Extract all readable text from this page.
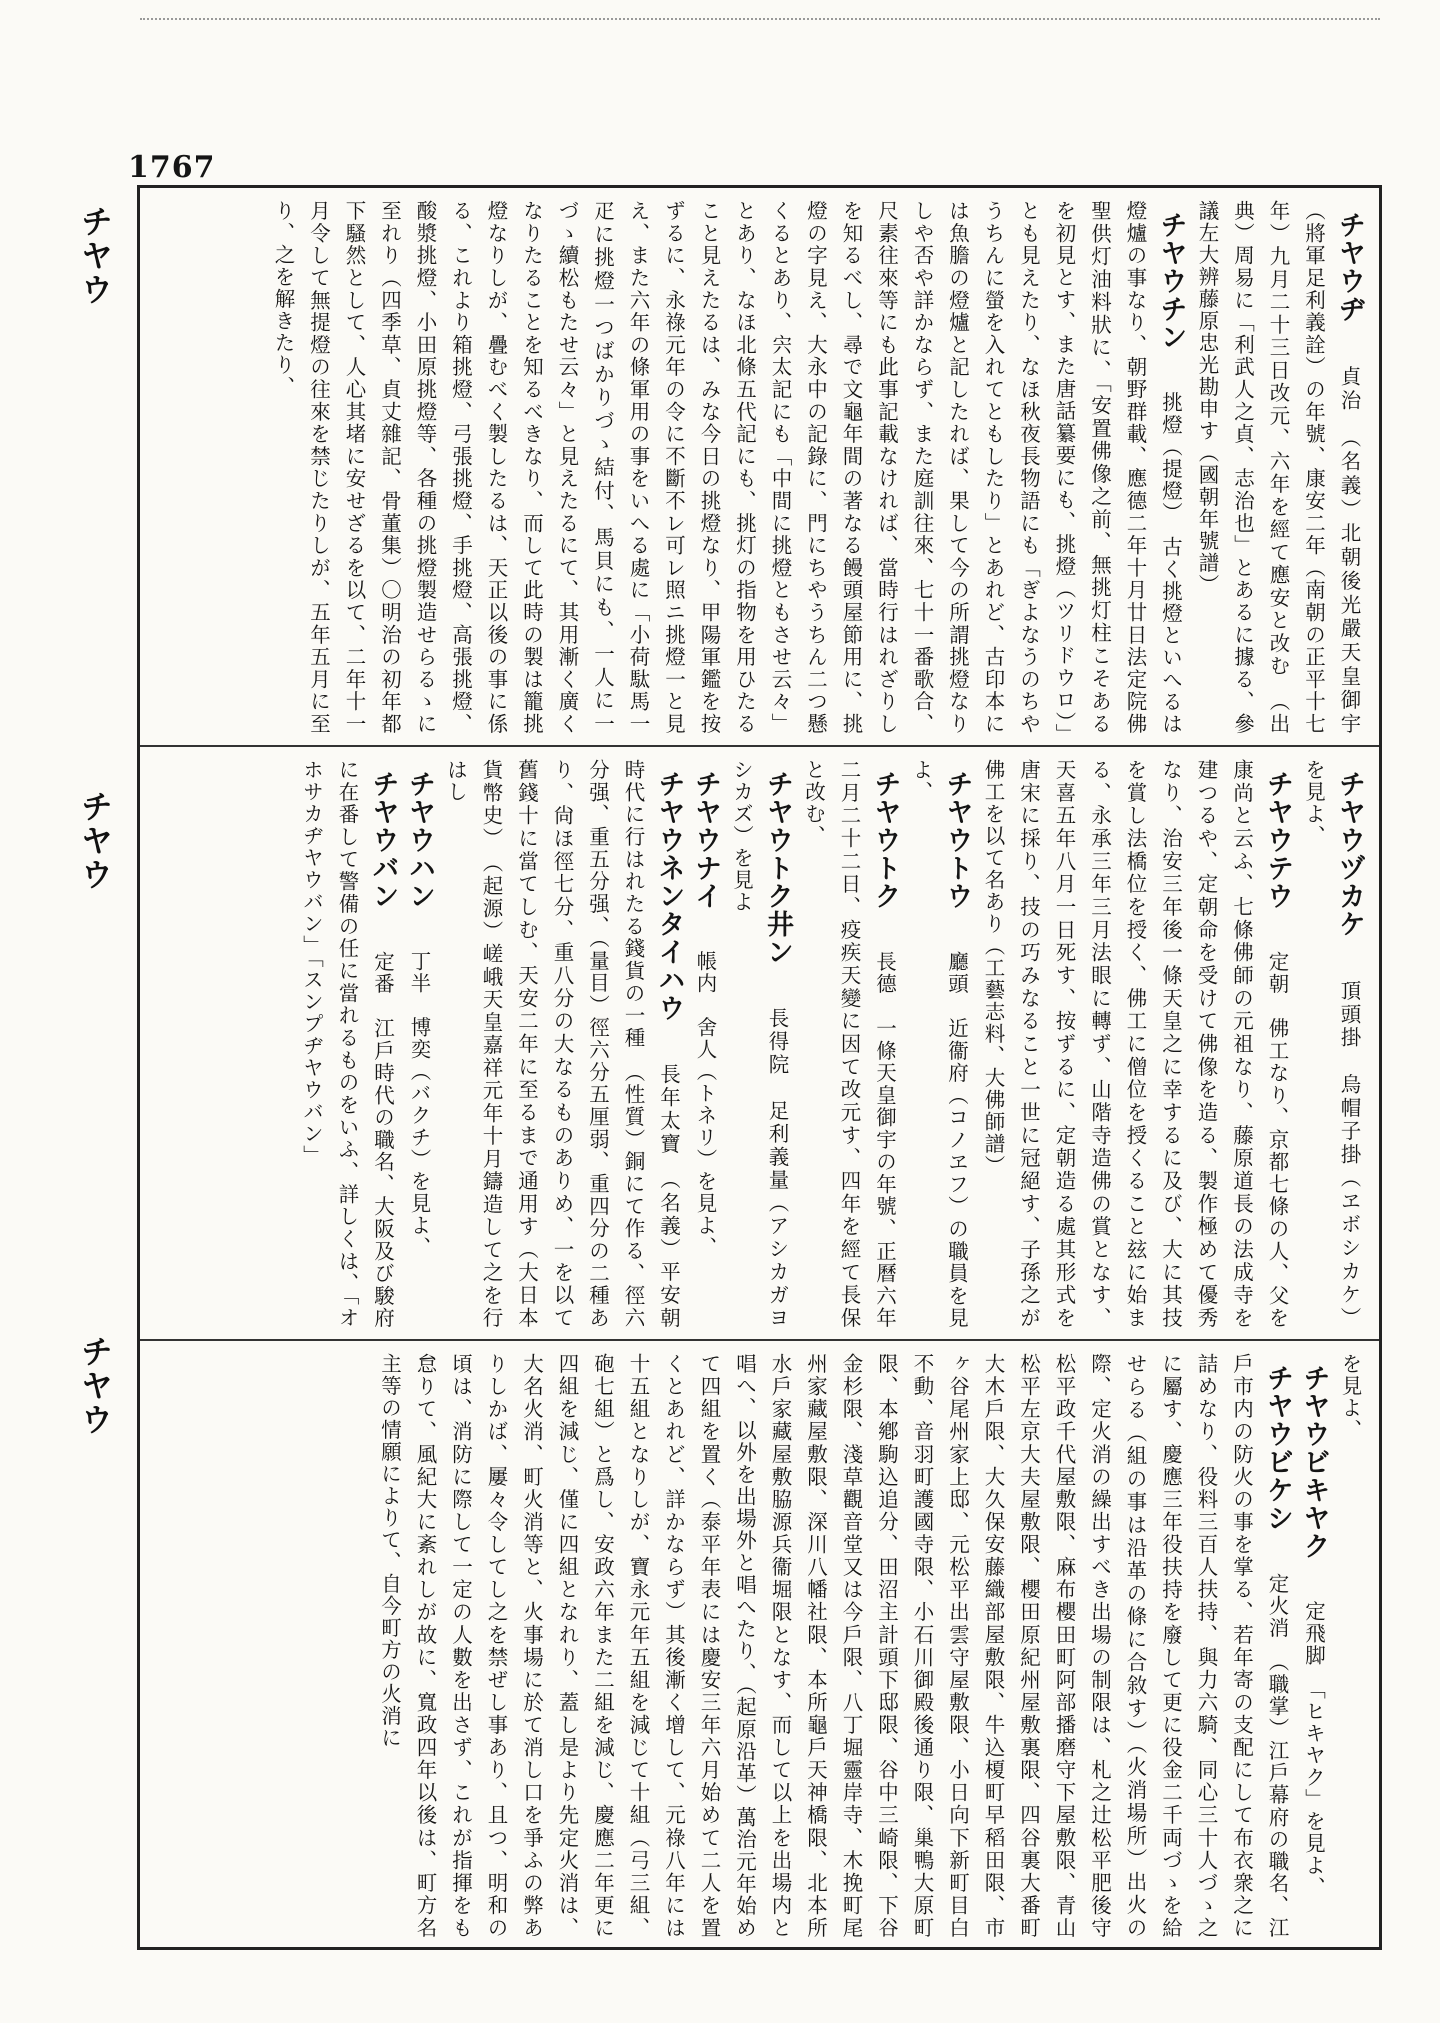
1767
チヤウ
チヤウ
チヤウ

チヤウヂ貞治　（名義）北朝後光嚴天皇御宇（將軍足利義詮）の年號、康安二年（南朝の正平十七年）九月二十三日改元、六年を經て應安と改む　（出典）周易に「利武人之貞、志治也」とあるに據る、參議左大辨藤原忠光勘申す（國朝年號譜）

チヤウチン挑燈（提燈）　古く挑燈といへるは燈爐の事なり、朝野群載、應德二年十月廿日法定院佛聖供灯油料狀に、「安置佛像之前、無挑灯柱こそあるを初見とす、また唐話纂要にも、挑燈（ツリドウロ）」とも見えたり、なほ秋夜長物語にも「ぎよなうのちやうちんに螢を入れてともしたり」とあれど、古印本には魚膽の燈爐と記したれば、果して今の所謂挑燈なりしや否や詳かならず、また庭訓往來、七十一番歌合、尺素往來等にも此事記載なければ、當時行はれざりしを知るべし、尋で文龜年間の著なる饅頭屋節用に、挑燈の字見え、大永中の記錄に、門にちやうちん二つ懸くるとあり、宍太記にも「中間に挑燈ともさせ云々」とあり、なほ北條五代記にも、挑灯の指物を用ひたること見えたるは、みな今日の挑燈なり、甲陽軍鑑を按ずるに、永祿元年の令に不斷不レ可レ照ニ挑燈一と見え、また六年の條軍用の事をいへる處に「小荷駄馬一疋に挑燈一つばかりづゝ結付、馬貝にも、一人に一づゝ續松もたせ云々」と見えたるにて、其用漸く廣くなりたることを知るべきなり、而して此時の製は籠挑燈なりしが、疊むべく製したるは、天正以後の事に係る、これより箱挑燈、弓張挑燈、手挑燈、高張挑燈、酸漿挑燈、小田原挑燈等、各種の挑燈製造せらるゝに至れり（四季草、貞丈雜記、骨董集）〇明治の初年都下騷然として、人心其堵に安せざるを以て、二年十一月令して無提燈の往來を禁じたりしが、五年五月に至り、之を解きたり、

チヤウヅカケ頂頭掛　烏帽子掛（ヱボシカケ）を見よ、

チヤウテウ定朝　佛工なり、京都七條の人、父を康尚と云ふ、七條佛師の元祖なり、藤原道長の法成寺を建つるや、定朝命を受けて佛像を造る、製作極めて優秀なり、治安三年後一條天皇之に幸するに及び、大に其技を賞し法橋位を授く、佛工に僧位を授くること玆に始まる、永承三年三月法眼に轉ず、山階寺造佛の賞となす、天喜五年八月一日死す、按ずるに、定朝造る處其形式を唐宋に採り、技の巧みなること一世に冠絕す、子孫之が佛工を以て名あり（工藝志料、大佛師譜）

チヤウトウ廳頭　近衞府（コノヱフ）の職員を見よ、

チヤウトク長德　一條天皇御宇の年號、正曆六年二月二十二日、疫疾天變に因て改元す、四年を經て長保と改む、

チヤウトク井ン長得院　足利義量（アシカガヨシカズ）を見よ

チヤウナイ帳内　舍人（トネリ）を見よ、

チヤウネンタイハウ長年太寶　（名義）平安朝時代に行はれたる錢貨の一種　（性質）銅にて作る、徑六分强、重五分强、（量目）徑六分五厘弱、重四分の二種あり、尙ほ徑七分、重八分の大なるものありめ、一を以て舊錢十に當てしむ、天安二年に至るまで通用す（大日本貨幣史）　（起源）嵯峨天皇嘉祥元年十月鑄造して之を行はし

チヤウハン丁半　博奕（バクチ）を見よ、

チヤウバン定番　江戶時代の職名、大阪及び駿府に在番して警備の任に當れるものをいふ、詳しくは、「オホサカヂヤウバン」「スンプヂヤウバン」

を見よ、

チヤウビキヤク定飛脚　「ヒキヤク」を見よ、

チヤウビケシ定火消　（職掌）江戶幕府の職名、江戶市内の防火の事を掌る、若年寄の支配にして布衣衆之に詰めなり、役料三百人扶持、與力六騎、同心三十人づゝ之に屬す、慶應三年役扶持を廢して更に役金二千両づゝを給せらる（組の事は沿革の條に合敘す）（火消場所）出火の際、定火消の繰出すべき出場の制限は、札之辻松平肥後守松平政千代屋敷限、麻布櫻田町阿部播磨守下屋敷限、青山松平左京大夫屋敷限、櫻田原紀州屋敷裏限、四谷裏大番町大木戶限、大久保安藤織部屋敷限、牛込榎町早稻田限、市ヶ谷尾州家上邸、元松平出雲守屋敷限、小日向下新町目白不動、音羽町護國寺限、小石川御殿後通り限、巢鴨大原町限、本鄕駒込追分、田沼主計頭下邸限、谷中三崎限、下谷金杉限、淺草觀音堂又は今戶限、八丁堀靈岸寺、木挽町尾州家藏屋敷限、深川八幡社限、本所龜戶天神橋限、北本所水戶家藏屋敷脇源兵衞堀限となす、而して以上を出場内と唱へ、以外を出場外と唱へたり、（起原沿革）萬治元年始めて四組を置く（泰平年表には慶安三年六月始めて二人を置くとあれど、詳かならず）其後漸く增して、元祿八年には十五組となりしが、寶永元年五組を減じて十組（弓三組、砲七組）と爲し、安政六年また二組を減じ、慶應二年更に四組を減じ、僅に四組となれり、蓋し是より先定火消は、大名火消、町火消等と、火事場に於て消し口を爭ふの弊ありしかば、屢々令してし之を禁ぜし事あり、且つ、明和の頃は、消防に際して一定の人數を出さず、これが指揮をも怠りて、風紀大に紊れしが故に、寬政四年以後は、町方名主等の情願によりて、自今町方の火消に
